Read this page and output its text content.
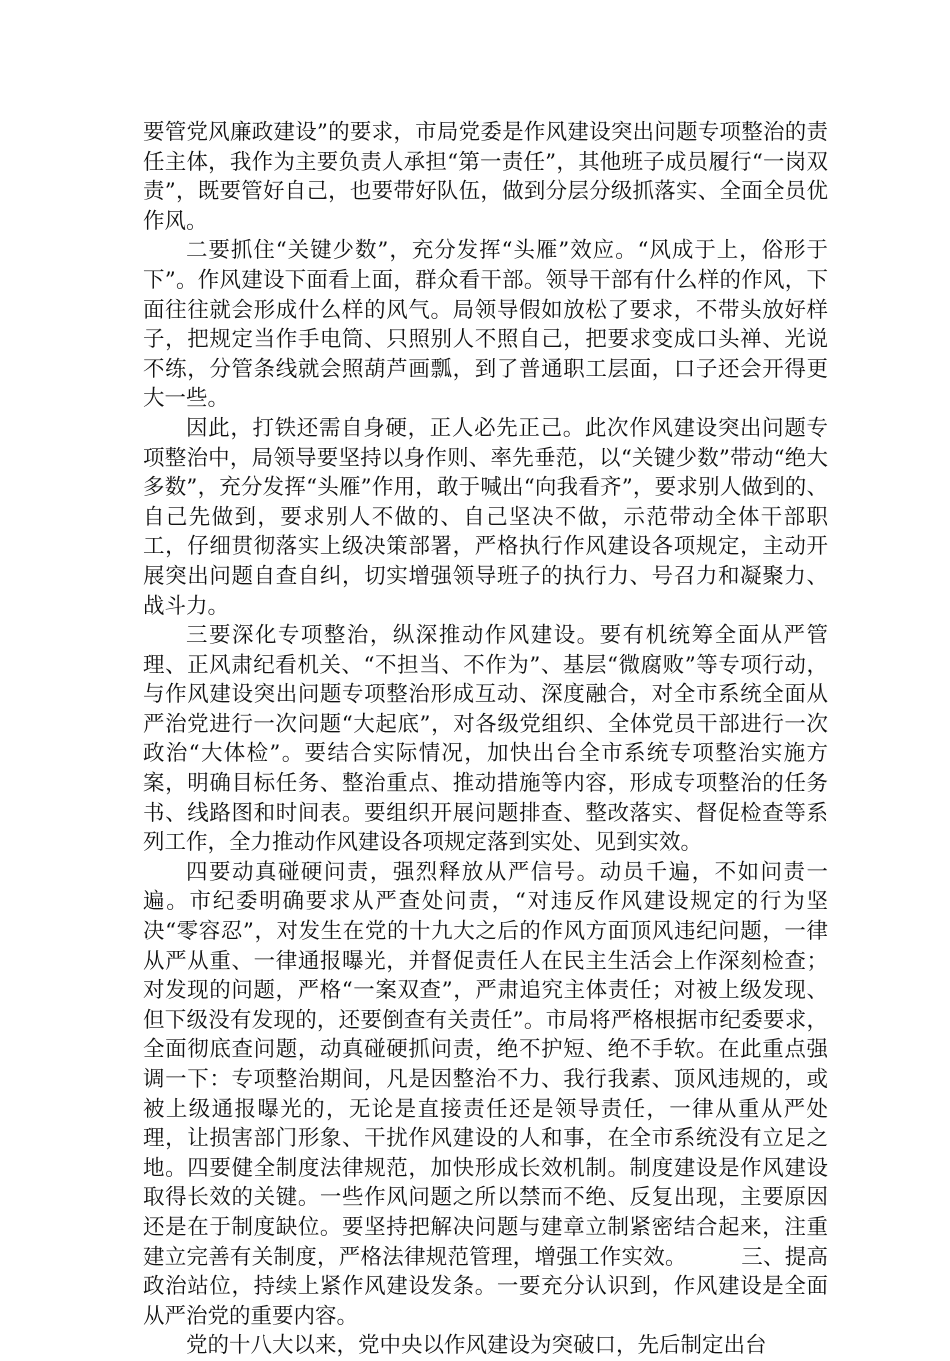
要管党风廉政建设”的要求，市局党委是作风建设突出问题专项整治的责任主体，我作为主要负责人承担“第一责任”，其他班子成员履行“一岗双责”，既要管好自己，也要带好队伍，做到分层分级抓落实、全面全员优作风。

二要抓住“关键少数”，充分发挥“头雁”效应。“风成于上，俗形于下”。作风建设下面看上面，群众看干部。领导干部有什么样的作风，下面往往就会形成什么样的风气。局领导假如放松了要求，不带头放好样子，把规定当作手电筒、只照别人不照自己，把要求变成口头禅、光说不练，分管条线就会照葫芦画瓢，到了普通职工层面，口子还会开得更大一些。

因此，打铁还需自身硬，正人必先正己。此次作风建设突出问题专项整治中，局领导要坚持以身作则、率先垂范，以“关键少数”带动“绝大多数”，充分发挥“头雁”作用，敢于喊出“向我看齐”，要求别人做到的、自己先做到，要求别人不做的、自己坚决不做，示范带动全体干部职工，仔细贯彻落实上级决策部署，严格执行作风建设各项规定，主动开展突出问题自查自纠，切实增强领导班子的执行力、号召力和凝聚力、战斗力。

三要深化专项整治，纵深推动作风建设。要有机统筹全面从严管理、正风肃纪看机关、“不担当、不作为”、基层“微腐败”等专项行动，与作风建设突出问题专项整治形成互动、深度融合，对全市系统全面从严治党进行一次问题“大起底”，对各级党组织、全体党员干部进行一次政治“大体检”。要结合实际情况，加快出台全市系统专项整治实施方案，明确目标任务、整治重点、推动措施等内容，形成专项整治的任务书、线路图和时间表。要组织开展问题排查、整改落实、督促检查等系列工作，全力推动作风建设各项规定落到实处、见到实效。

四要动真碰硬问责，强烈释放从严信号。动员千遍，不如问责一遍。市纪委明确要求从严查处问责，“对违反作风建设规定的行为坚决“零容忍”，对发生在党的十九大之后的作风方面顶风违纪问题，一律从严从重、一律通报曝光，并督促责任人在民主生活会上作深刻检查；对发现的问题，严格“一案双查”，严肃追究主体责任；对被上级发现、但下级没有发现的，还要倒查有关责任”。市局将严格根据市纪委要求，全面彻底查问题，动真碰硬抓问责，绝不护短、绝不手软。在此重点强调一下：专项整治期间，凡是因整治不力、我行我素、顶风违规的，或被上级通报曝光的，无论是直接责任还是领导责任，一律从重从严处理，让损害部门形象、干扰作风建设的人和事，在全市系统没有立足之地。四要健全制度法律规范，加快形成长效机制。制度建设是作风建设取得长效的关键。一些作风问题之所以禁而不绝、反复出现，主要原因还是在于制度缺位。要坚持把解决问题与建章立制紧密结合起来，注重建立完善有关制度，严格法律规范管理，增强工作实效。　　　三、提高政治站位，持续上紧作风建设发条。一要充分认识到，作风建设是全面从严治党的重要内容。

党的十八大以来，党中央以作风建设为突破口，先后制定出台
